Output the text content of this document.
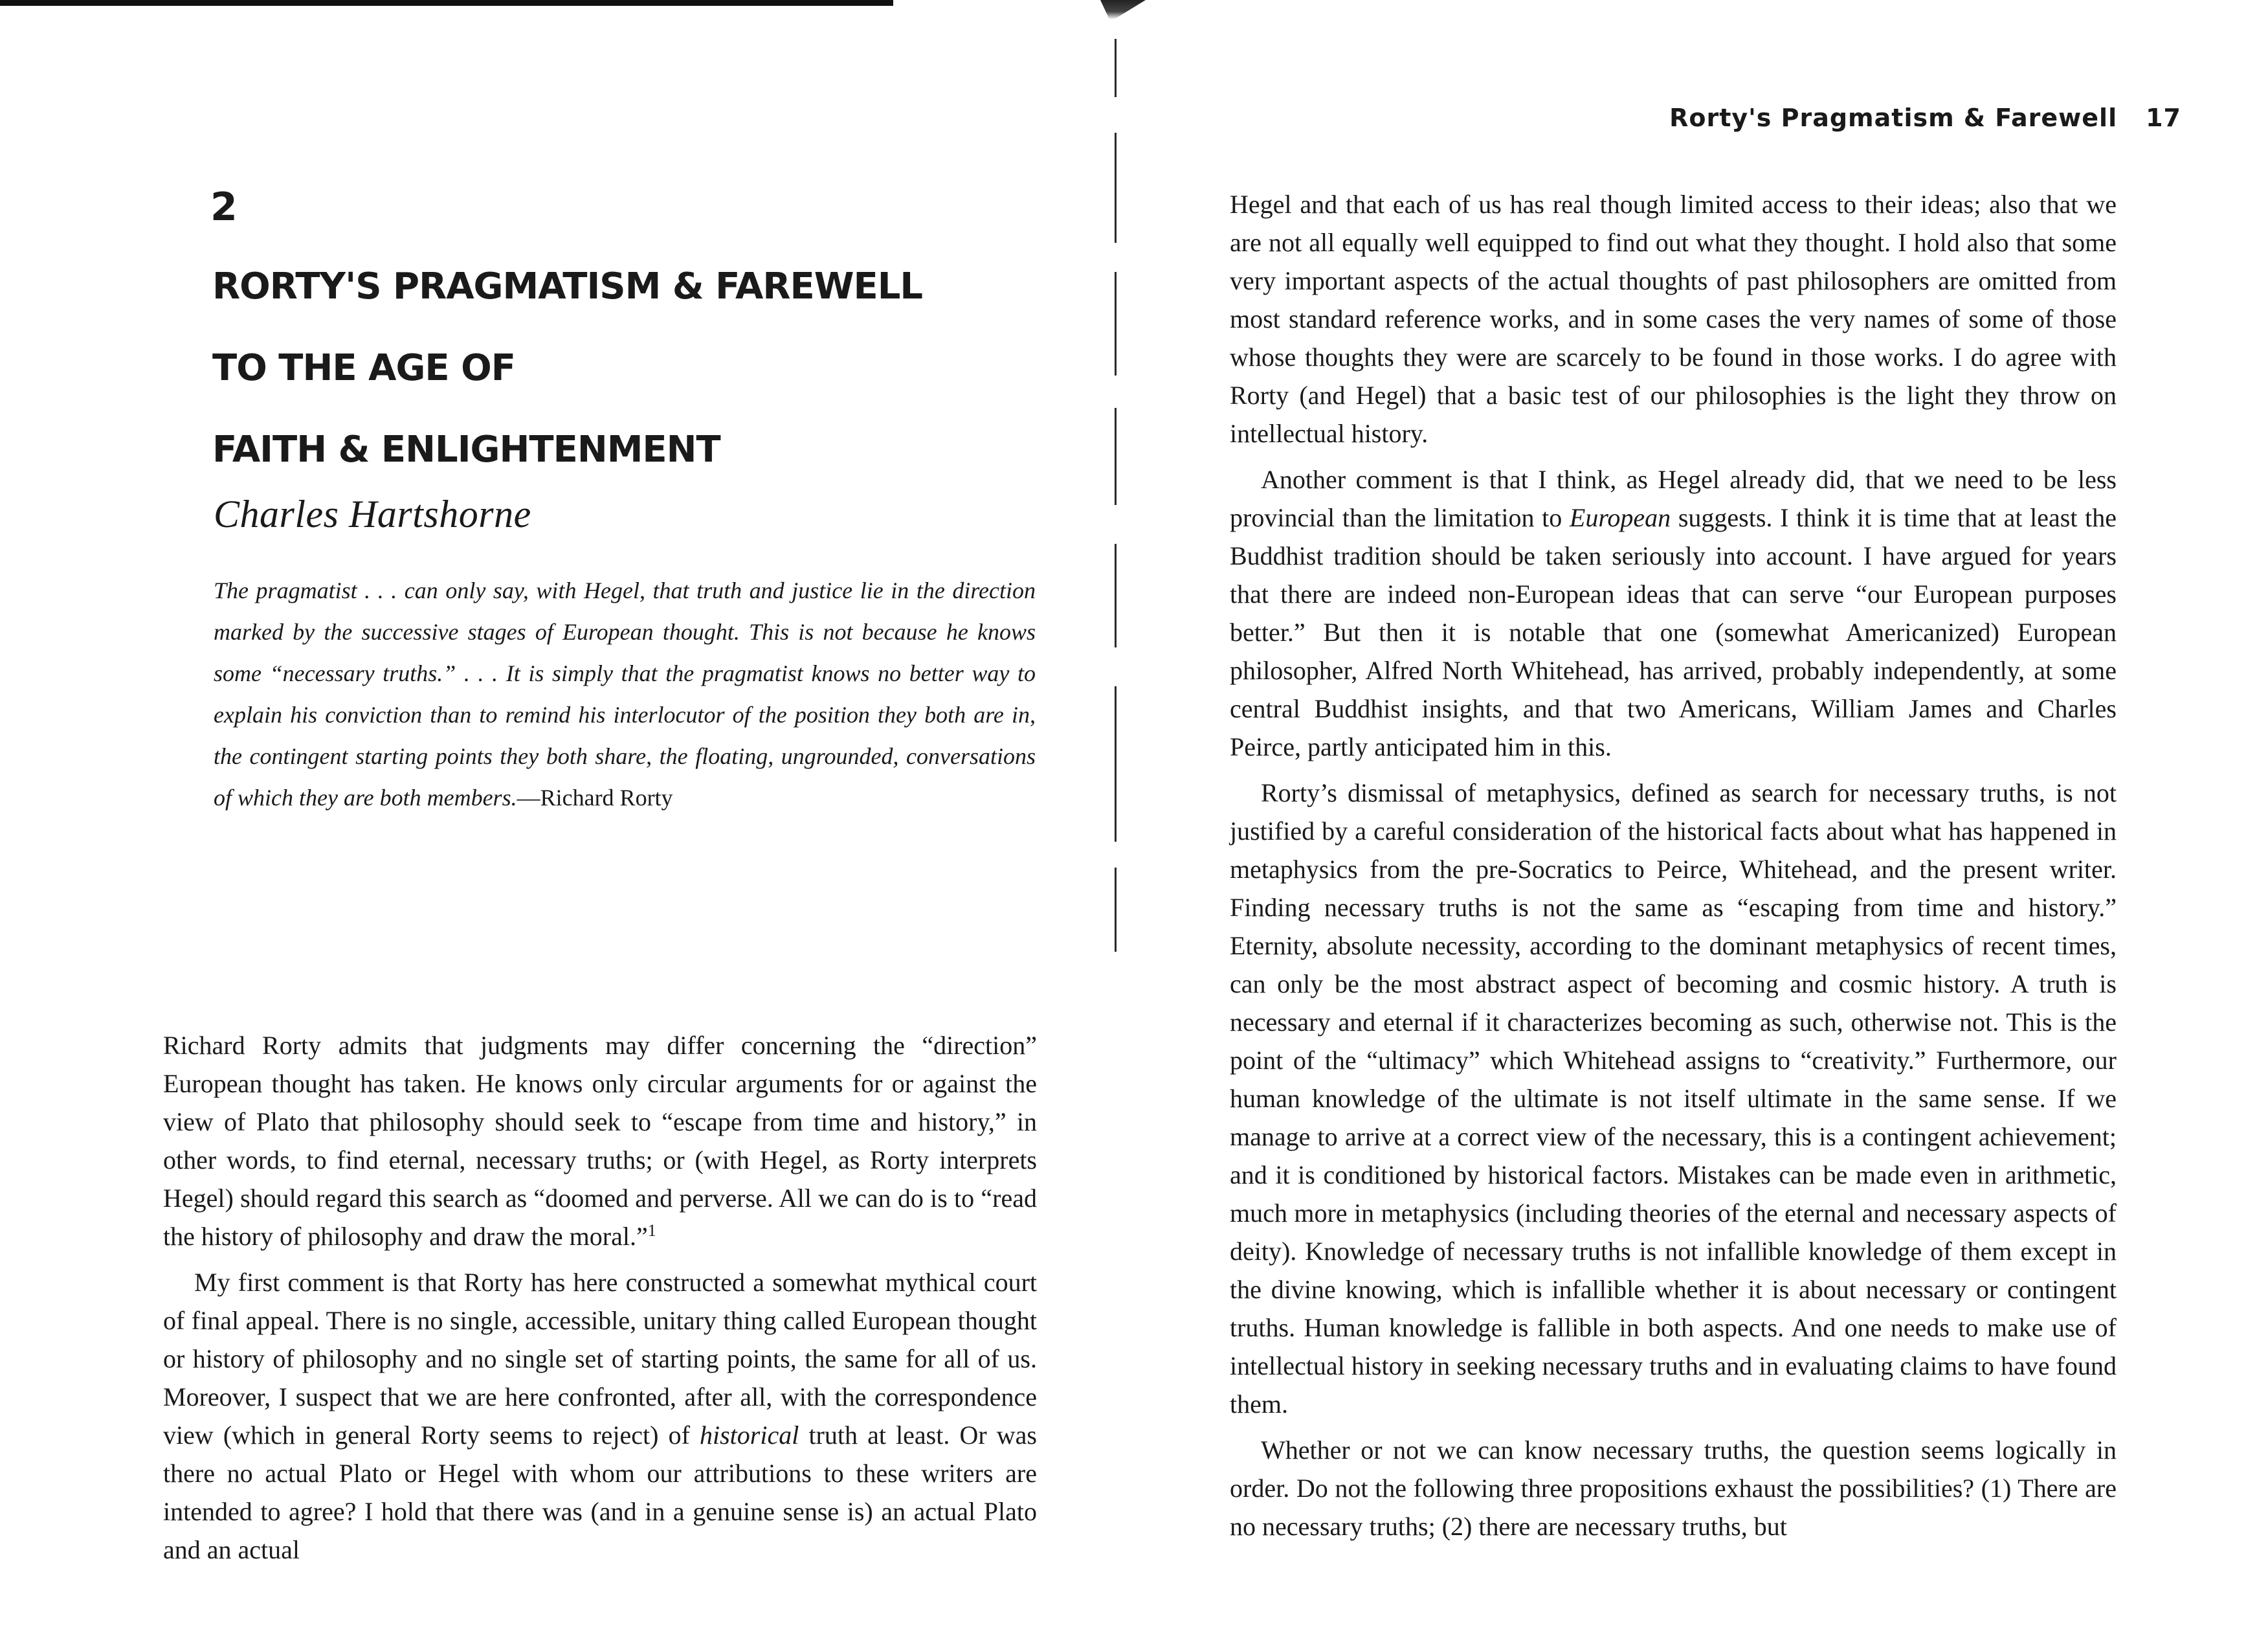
2
RORTY'S PRAGMATISM & FAREWELL
TO THE AGE OF
FAITH & ENLIGHTENMENT

Charles Hartshorne

The pragmatist . . . can only say, with Hegel, that truth and justice lie in the direction marked by the successive stages of European thought. This is not because he knows some “necessary truths.” . . . It is simply that the pragmatist knows no better way to explain his conviction than to remind his interlocutor of the position they both are in, the contingent starting points they both share, the floating, ungrounded, conversations of which they are both members.—Richard Rorty

Richard Rorty admits that judgments may differ concerning the “direction” European thought has taken. He knows only circular arguments for or against the view of Plato that philosophy should seek to “escape from time and history,” in other words, to find eternal, necessary truths; or (with Hegel, as Rorty interprets Hegel) should regard this search as “doomed and perverse. All we can do is to “read the history of philosophy and draw the moral.”$^1$

My first comment is that Rorty has here constructed a somewhat mythical court of final appeal. There is no single, accessible, unitary thing called European thought or history of philosophy and no single set of starting points, the same for all of us. Moreover, I suspect that we are here confronted, after all, with the correspondence view (which in general Rorty seems to reject) of historical truth at least. Or was there no actual Plato or Hegel with whom our attributions to these writers are intended to agree? I hold that there was (and in a genuine sense is) an actual Plato and an actual

Rorty's Pragmatism & Farewell 17

Hegel and that each of us has real though limited access to their ideas; also that we are not all equally well equipped to find out what they thought. I hold also that some very important aspects of the actual thoughts of past philosophers are omitted from most standard reference works, and in some cases the very names of some of those whose thoughts they were are scarcely to be found in those works. I do agree with Rorty (and Hegel) that a basic test of our philosophies is the light they throw on intellectual history.

Another comment is that I think, as Hegel already did, that we need to be less provincial than the limitation to European suggests. I think it is time that at least the Buddhist tradition should be taken seriously into account. I have argued for years that there are indeed non-European ideas that can serve “our European purposes better.” But then it is notable that one (somewhat Americanized) European philosopher, Alfred North Whitehead, has arrived, probably independently, at some central Buddhist insights, and that two Americans, William James and Charles Peirce, partly anticipated him in this.

Rorty’s dismissal of metaphysics, defined as search for necessary truths, is not justified by a careful consideration of the historical facts about what has happened in metaphysics from the pre-Socratics to Peirce, Whitehead, and the present writer. Finding necessary truths is not the same as “escaping from time and history.” Eternity, absolute necessity, according to the dominant metaphysics of recent times, can only be the most abstract aspect of becoming and cosmic history. A truth is necessary and eternal if it characterizes becoming as such, otherwise not. This is the point of the “ultimacy” which Whitehead assigns to “creativity.” Furthermore, our human knowledge of the ultimate is not itself ultimate in the same sense. If we manage to arrive at a correct view of the necessary, this is a contingent achievement; and it is conditioned by historical factors. Mistakes can be made even in arithmetic, much more in metaphysics (including theories of the eternal and necessary aspects of deity). Knowledge of necessary truths is not infallible knowledge of them except in the divine knowing, which is infallible whether it is about necessary or contingent truths. Human knowledge is fallible in both aspects. And one needs to make use of intellectual history in seeking necessary truths and in evaluating claims to have found them.

Whether or not we can know necessary truths, the question seems logically in order. Do not the following three propositions exhaust the possibilities? (1) There are no necessary truths; (2) there are necessary truths, but
